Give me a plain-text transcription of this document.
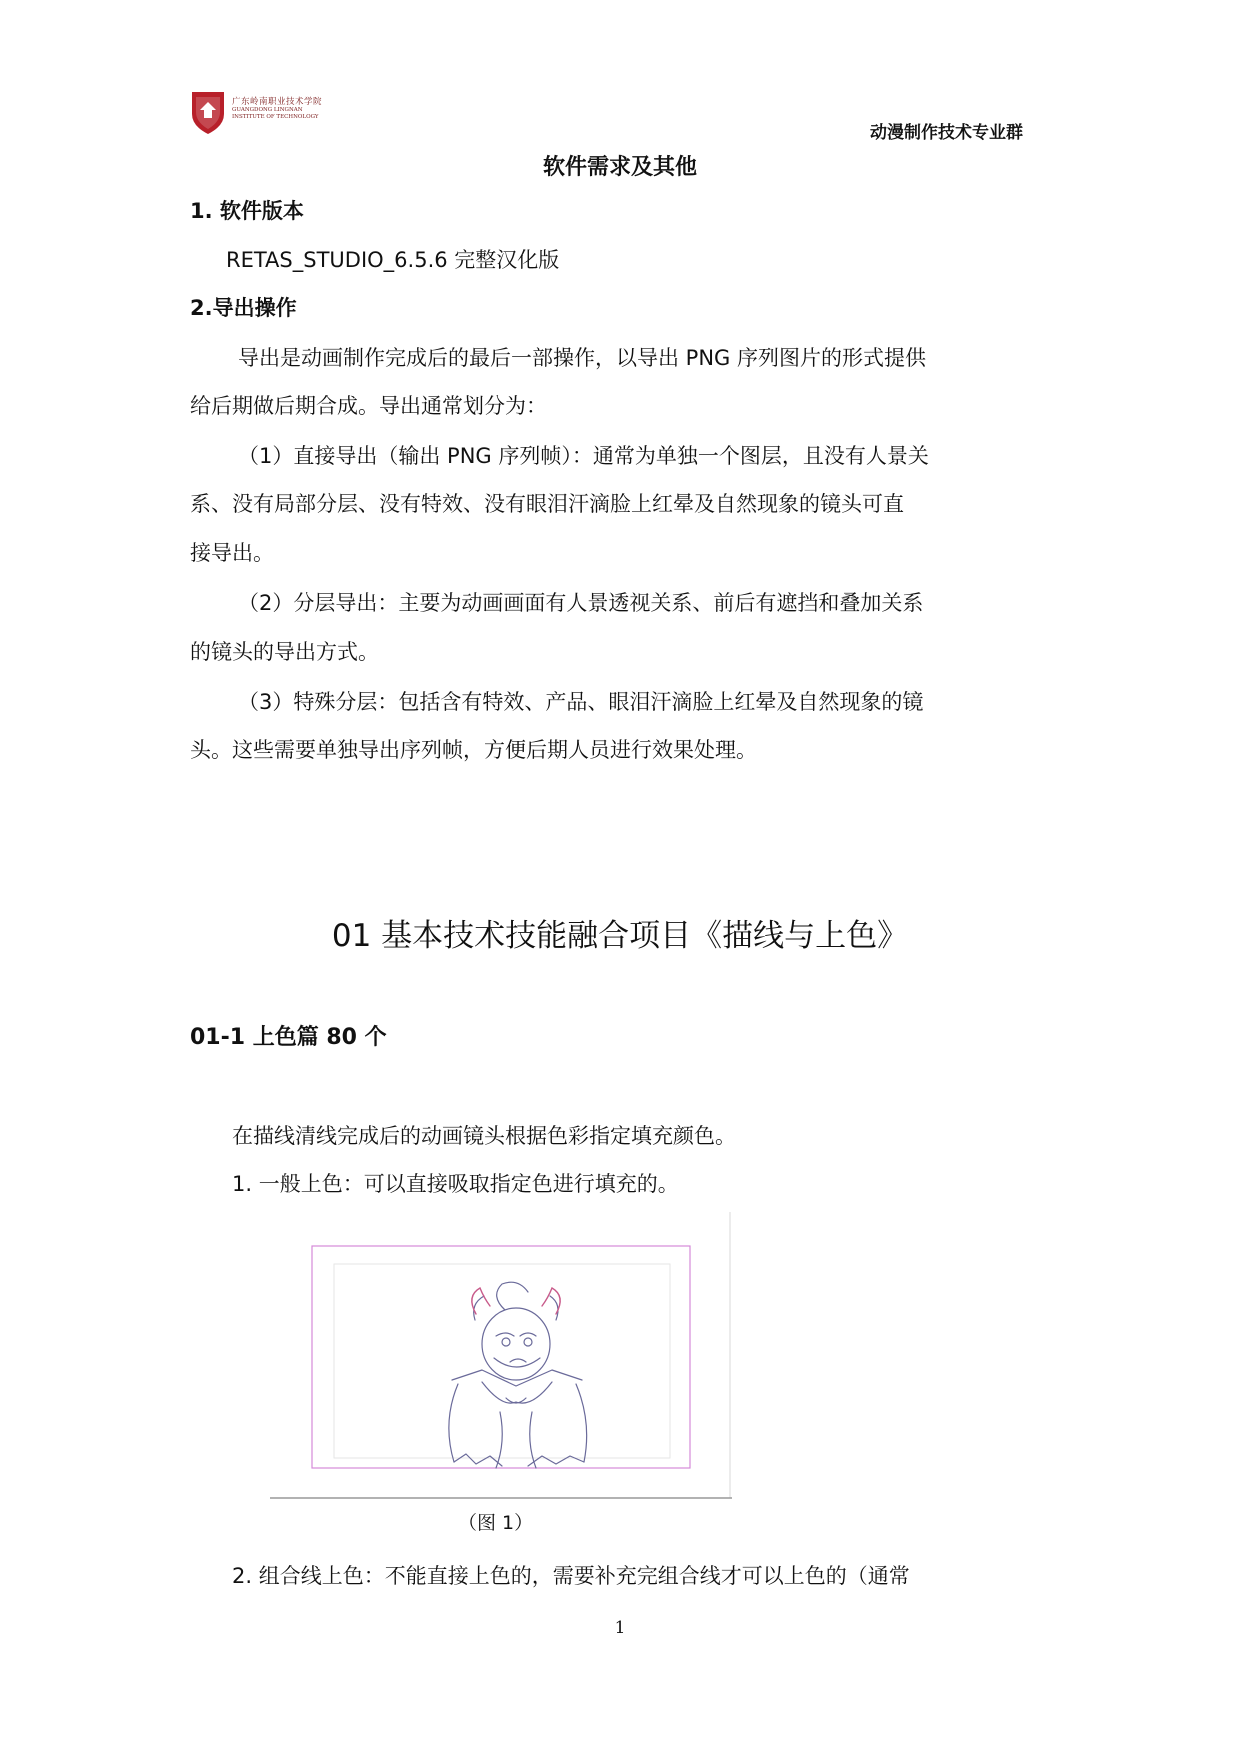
广东岭南职业技术学院
GUANGDONG LINGNAN INSTITUTE OF TECHNOLOGY
动漫制作技术专业群
软件需求及其他
1. 软件版本
RETAS_STUDIO_6.5.6 完整汉化版
2.导出操作
导出是动画制作完成后的最后一部操作，以导出 PNG 序列图片的形式提供
给后期做后期合成。导出通常划分为：
（1）直接导出（输出 PNG 序列帧）：通常为单独一个图层，且没有人景关
系、没有局部分层、没有特效、没有眼泪汗滴脸上红晕及自然现象的镜头可直
接导出。
（2）分层导出：主要为动画画面有人景透视关系、前后有遮挡和叠加关系
的镜头的导出方式。
（3）特殊分层：包括含有特效、产品、眼泪汗滴脸上红晕及自然现象的镜
头。这些需要单独导出序列帧，方便后期人员进行效果处理。
01 基本技术技能融合项目《描线与上色》
01-1 上色篇 80 个
在描线清线完成后的动画镜头根据色彩指定填充颜色。
1. 一般上色：可以直接吸取指定色进行填充的。
（图 1）
2. 组合线上色：不能直接上色的，需要补充完组合线才可以上色的（通常
1
